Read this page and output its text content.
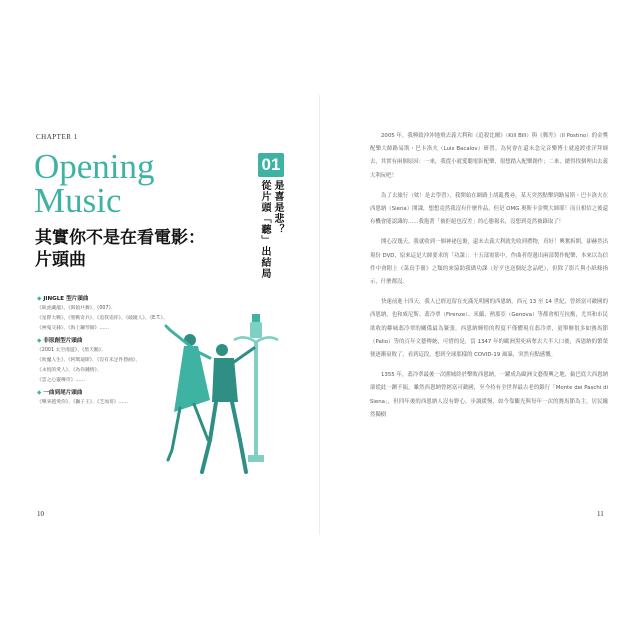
CHAPTER 1
Opening
Music
其實你不是在看電影：
片頭曲
01
是喜是悲？
從片頭「聽」出結局
◆ JINGLE 型片頭曲
《臥虎藏龍》、《與狼共舞》、《007》、
《星際大戰》、《聖戰奇兵》、《追我追你》、《破鏡人》、《E.T.》、
《神鬼交鋒》、《海上鋼琴師》……
◆ 非原創型片頭曲
《2001 太空漫遊》、《黑天鵝》、
《吹魔人生》、《阿瑪迪斯》、《沒有未足件想曲》、
《永恆的愛人》、《為你鍾情》、
《雲之心靈傳奇》……
◆ 一曲到尾片頭曲
《樂來越愛你》、《獅子王》、《芝加哥》……
10	11

2005 年，我興致沖沖地飛去義大利和《追殺比爾》（Kill Bill）與《郵差》（Il Postino）的金獎配樂大師路易斯・巴卡洛夫（Luis Bacalov）研習。為何會在還未念完音樂博士就遠渡重洋拜師去，其實有兩個原因：一來，我從小就愛聽電影配樂，很想踏入配樂創作；二來，總得找個理由去義大利玩吧！

為了去旅行（欸！是去學習），我開始在網路上胡亂搜尋，某天突然點擊到路易斯・巴卡洛夫在西恩納（Siena）開課，想想竟然我沒有什麼作品，但是 OMG 奧斯卡金獎大師耶！而且相信之後還有機會能認識的……我抱著「被拒絕也沒差」的心態報名，沒想到竟然被錄取了！

開心沒幾天，我就收到一個神祕包裹，還未去義大利就先收到禮物，真好！興奮拆開，卻赫然出現份 DVD，原來這是大師要求的「功課」：十五部電影中，作曲者得邊出兩部製作配樂，本來以為信件中會附上《菜鳥手冊》之類的來協助我做功課（好歹也送個紀念品吧），但除了影片與小紙條指示，什麼都沒。

快速前進十四天，我人已經逗留在充滿光明國的西恩納，西元 13 至 14 世紀，曾經富可敵國的西恩納，也和威尼斯、翡冷翠（Firenze）、米蘭、熱那亞（Genova）等都會相互抗衡，尤其和市民欲收的鄰城翡冷翠的關係最為緊張。西恩納輝煌的程度不僅體現在翡冷翠，更舉辦很多如賽馬節（Palio）等的百年文藝傳統，可惜的是，當 1347 年的歐洲黑死病奪去大半人口後，西恩納的繁榮便逐漸衰敗了，看到這段，想到全球那樣的 COVID-19 風暴，突然有點感慨。

1355 年，翡冷翠最後一次圍城終於擊敗西恩納，一躍成為歐洲文藝復興之地，倫巴底大西恩納卻從此一蹶不振，雖然西恩納曾經富可敵國，至今持有全世界最古老的銀行「Monte dei Paschi di Siena」，但四年後的西恩納人沒有野心，步調緩慢，如今靠觀光與每年一次的賽馬節為主，居民纔然獨樹
